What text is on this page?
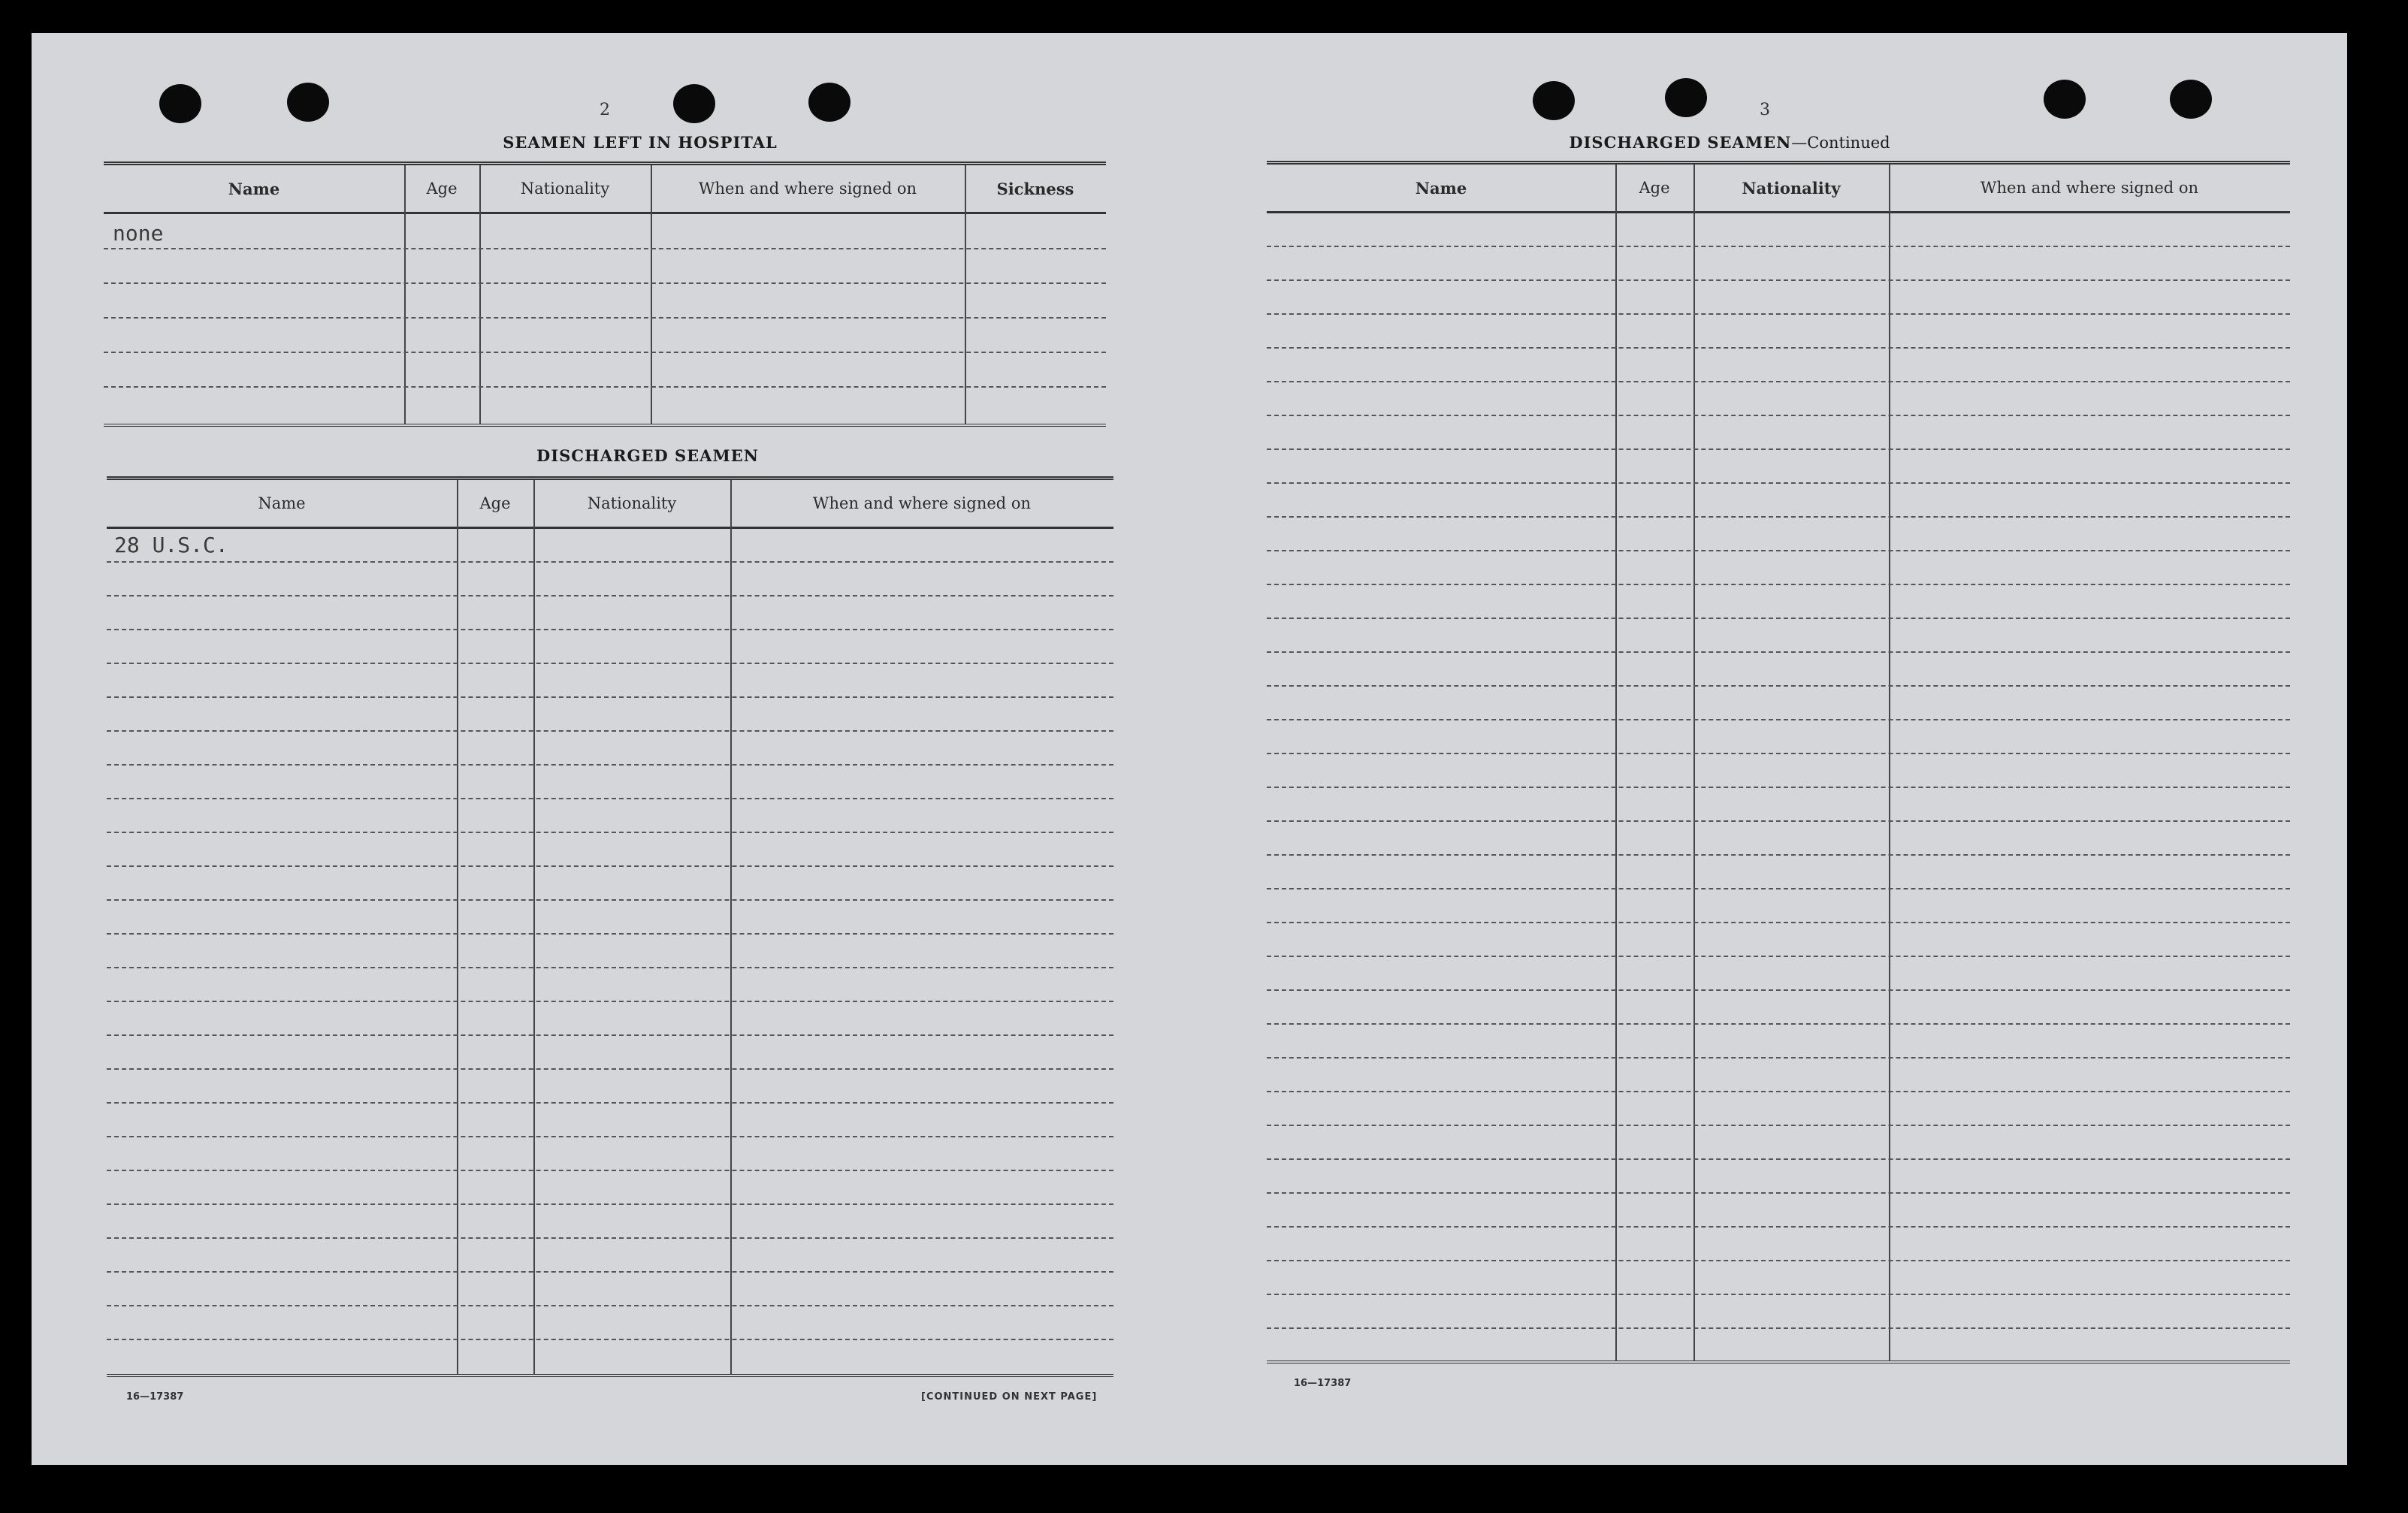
2
SEAMEN LEFT IN HOSPITAL
Name	Age	Nationality	When and where signed on	Sickness
none
DISCHARGED SEAMEN
Name	Age	Nationality	When and where signed on
28 U.S.C.
16—17387	[CONTINUED ON NEXT PAGE]
3
DISCHARGED SEAMEN—Continued
Name	Age	Nationality	When and where signed on
16—17387
